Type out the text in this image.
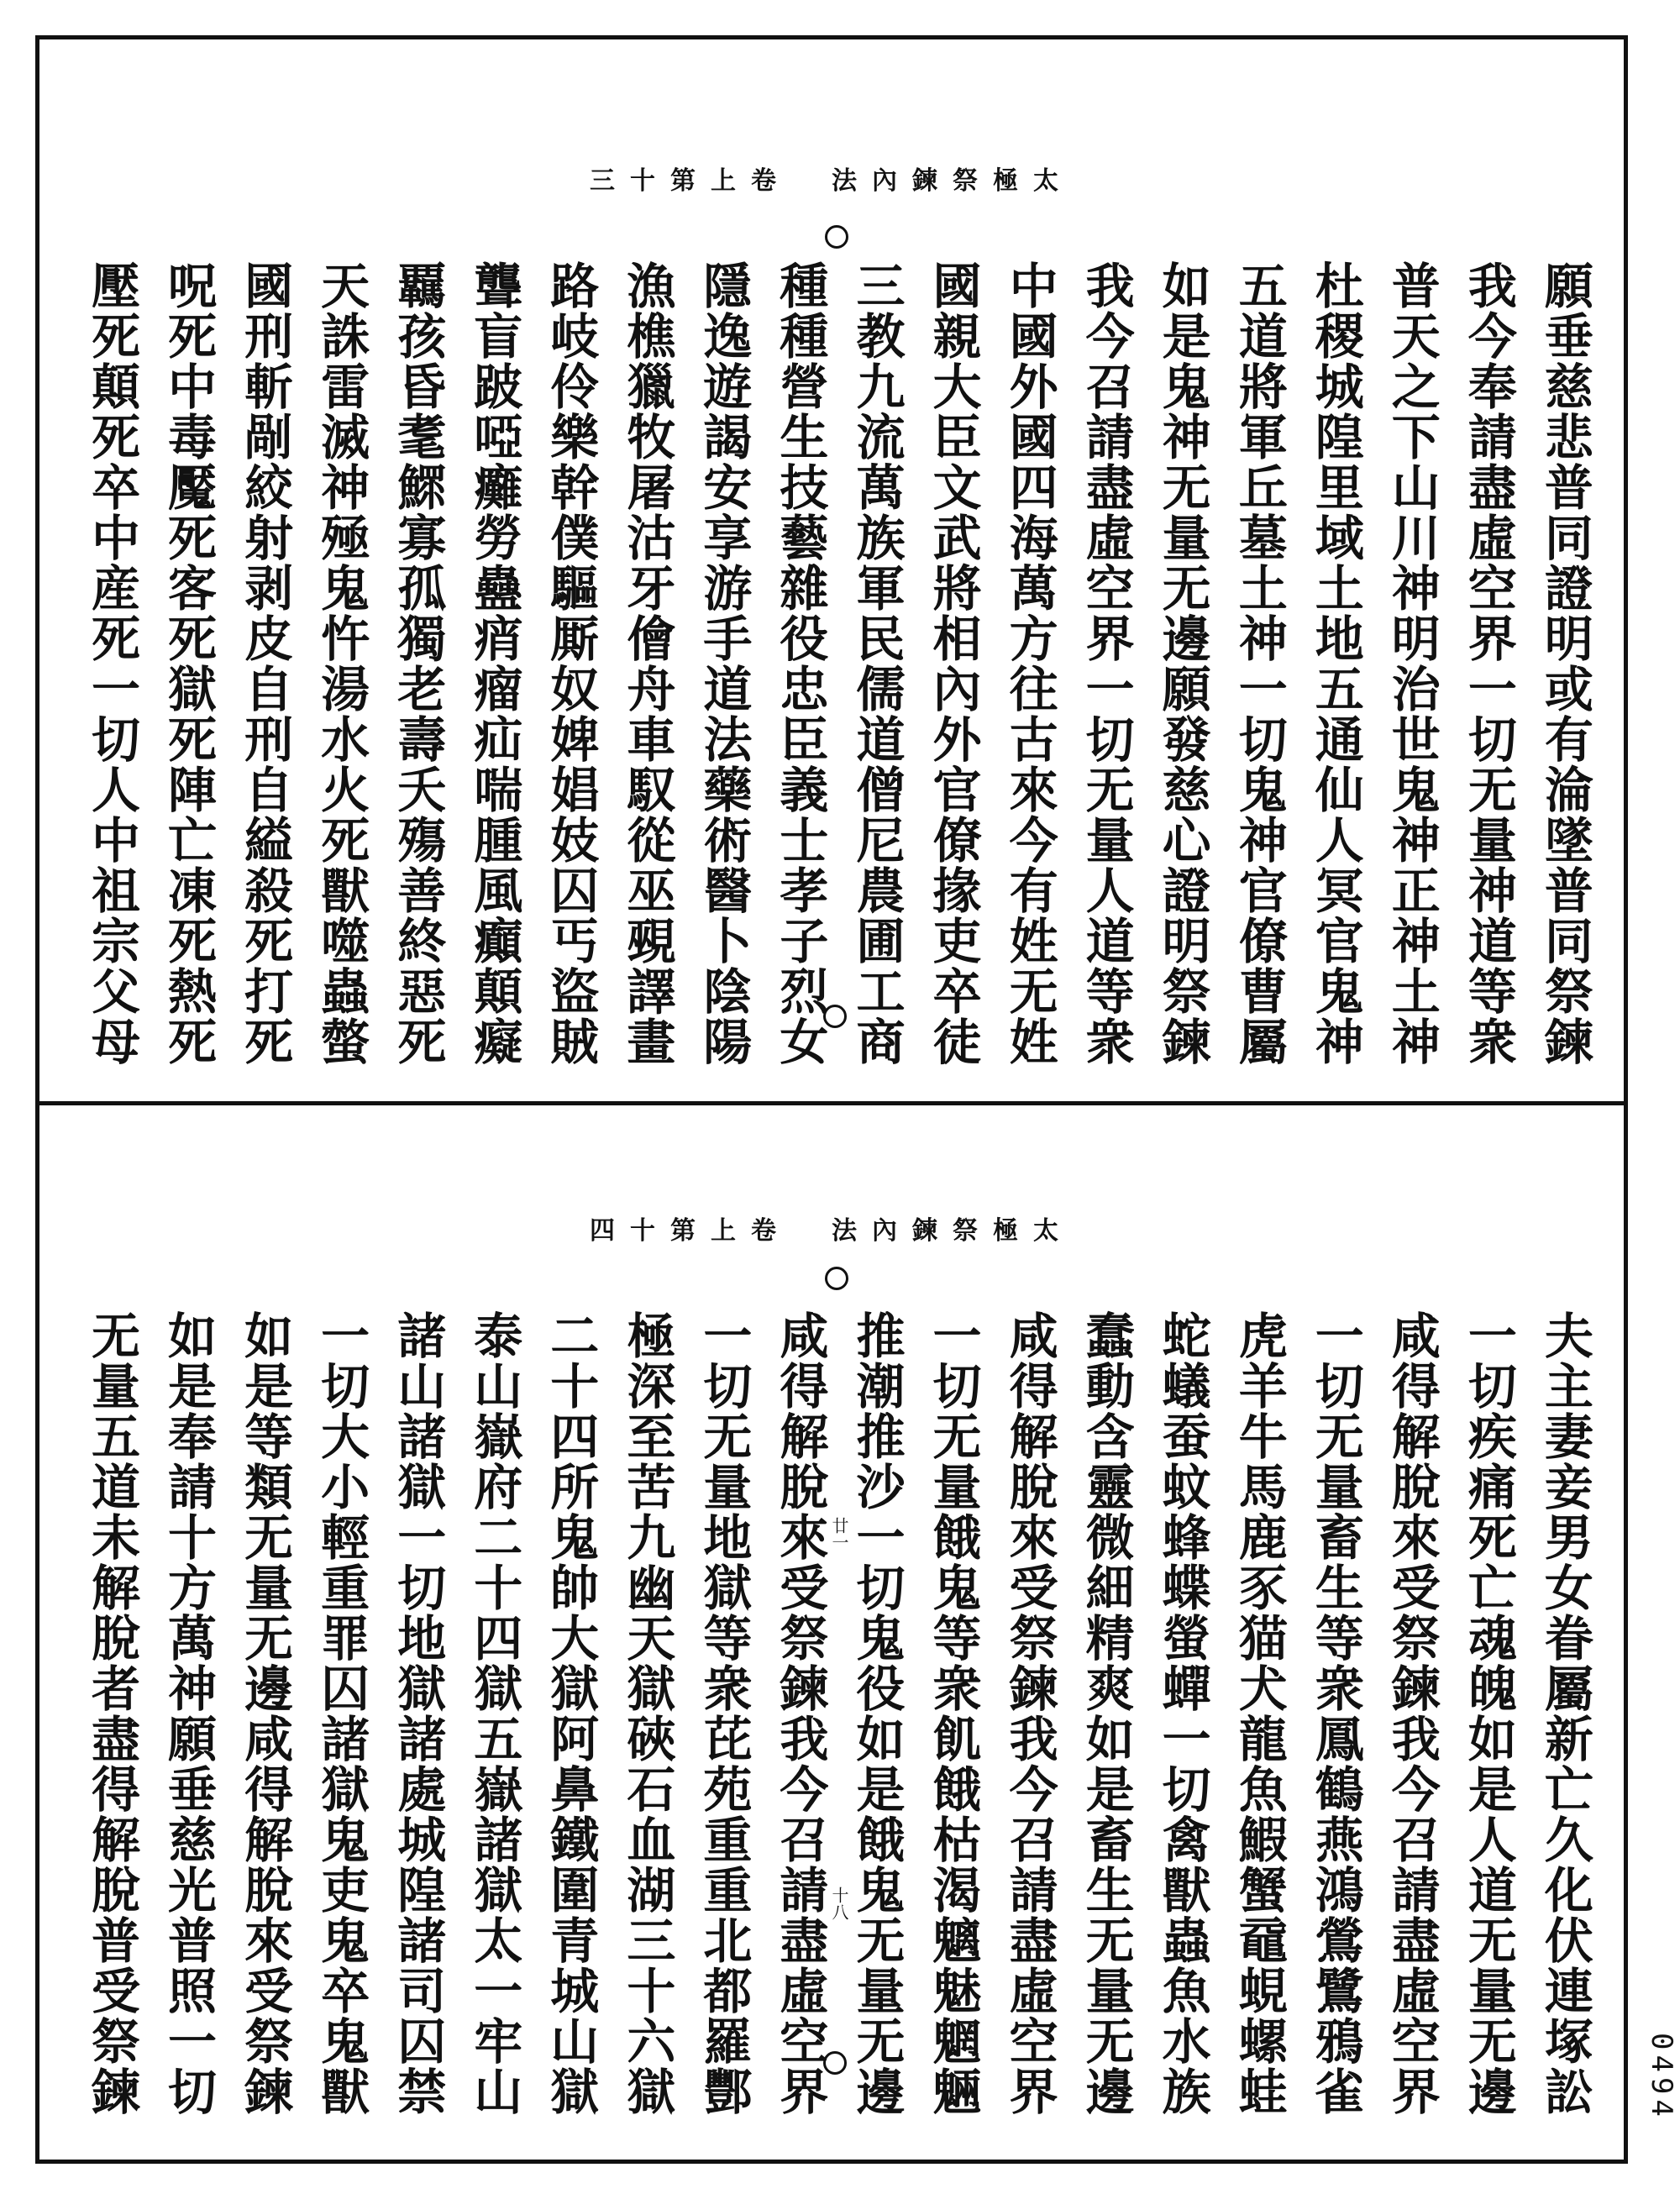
三十第上卷　法內鍊祭極太
願垂慈悲普同證明或有淪墜普同祭鍊
我今奉請盡虛空界一切无量神道等衆
普天之下山川神明治世鬼神正神土神
杜稷城隍里域土地五通仙人冥官鬼神
五道將軍丘墓土神一切鬼神官僚曹屬
如是鬼神无量无邊願發慈心證明祭鍊
我今召請盡虛空界一切无量人道等衆
中國外國四海萬方往古來今有姓无姓
國親大臣文武將相內外官僚掾吏卒徒
三教九流萬族軍民儒道僧尼農圃工商
種種營生技藝雜役忠臣義士孝子烈女
隱逸遊謁安享游手道法藥術醫卜陰陽
漁樵獵牧屠沽牙儈舟車馭從巫覡譯畫
路岐伶樂幹僕驅厮奴婢娼妓囚丐盜賊
聾盲跛啞癱勞蠱痟瘤疝喘腫風癲顛癡
覊孩昏耄鰥寡孤獨老壽夭殤善終惡死
天誅雷滅神殛鬼忤湯水火死獸噬蟲螫
國刑斬剮絞射剥皮自刑自縊殺死打死
呪死中毒魘死客死獄死陣亡凍死熱死
壓死顛死卒中産死一切人中祖宗父母
四十第上卷　法內鍊祭極太
廿一
十八	夫主妻妾男女眷屬新亡久化伏連塚訟
一切疾痛死亡魂魄如是人道无量无邊
咸得解脫來受祭鍊我今召請盡虛空界
一切无量畜生等衆鳳鶴燕鴻鶯鷺鴉雀
虎羊牛馬鹿豕猫犬龍魚鰕蟹黿蜆螺蛙
蛇蟻蚕蚊蜂蝶螢蟬一切禽獸蟲魚水族
蠢動含靈微細精爽如是畜生无量无邊
咸得解脫來受祭鍊我今召請盡虛空界
一切无量餓鬼等衆飢餓枯渴魑魅魍魎
推潮推沙一切鬼役如是餓鬼无量无邊
咸得解脫來受祭鍊我今召請盡虛空界
一切无量地獄等衆芘苑重重北都羅酆
極深至苦九幽天獄硤石血湖三十六獄
二十四所鬼帥大獄阿鼻鐵圍青城山獄
泰山嶽府二十四獄五嶽諸獄太一牢山
諸山諸獄一切地獄諸處城隍諸司囚禁
一切大小輕重罪囚諸獄鬼吏鬼卒鬼獸
如是等類无量无邊咸得解脫來受祭鍊
如是奉請十方萬神願垂慈光普照一切
无量五道未解脫者盡得解脫普受祭鍊	0494
